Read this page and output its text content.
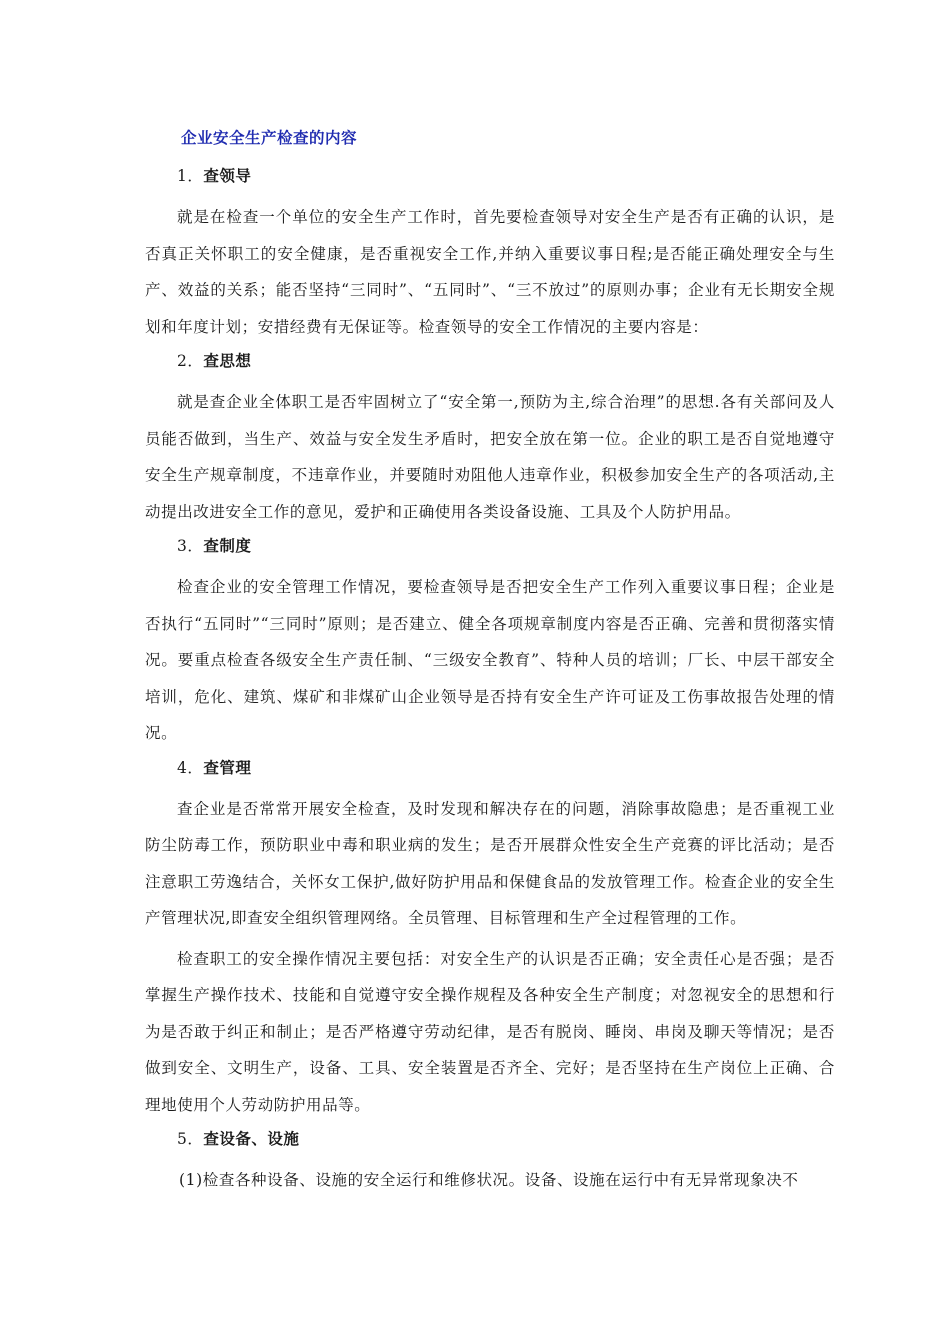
企业安全生产检查的内容
1．查领导
就是在检查一个单位的安全生产工作时，首先要检查领导对安全生产是否有正确的认识，是否真正关怀职工的安全健康，是否重视安全工作,并纳入重要议事日程;是否能正确处理安全与生产、效益的关系；能否坚持“三同时”、“五同时”、“三不放过”的原则办事；企业有无长期安全规划和年度计划；安措经费有无保证等。检查领导的安全工作情况的主要内容是：
2．查思想
就是查企业全体职工是否牢固树立了“安全第一,预防为主,综合治理”的思想.各有关部问及人员能否做到，当生产、效益与安全发生矛盾时，把安全放在第一位。企业的职工是否自觉地遵守安全生产规章制度，不违章作业，并要随时劝阻他人违章作业，积极参加安全生产的各项活动,主动提出改进安全工作的意见，爱护和正确使用各类设备设施、工具及个人防护用品。
3．查制度
检查企业的安全管理工作情况，要检查领导是否把安全生产工作列入重要议事日程；企业是否执行“五同时”“三同时”原则；是否建立、健全各项规章制度内容是否正确、完善和贯彻落实情况。要重点检查各级安全生产责任制、“三级安全教育”、特种人员的培训；厂长、中层干部安全培训，危化、建筑、煤矿和非煤矿山企业领导是否持有安全生产许可证及工伤事故报告处理的情况。
4．查管理
查企业是否常常开展安全检查，及时发现和解决存在的问题，消除事故隐患；是否重视工业防尘防毒工作，预防职业中毒和职业病的发生；是否开展群众性安全生产竞赛的评比活动；是否注意职工劳逸结合，关怀女工保护,做好防护用品和保健食品的发放管理工作。检查企业的安全生产管理状况,即查安全组织管理网络。全员管理、目标管理和生产全过程管理的工作。
检查职工的安全操作情况主要包括：对安全生产的认识是否正确；安全责任心是否强；是否掌握生产操作技术、技能和自觉遵守安全操作规程及各种安全生产制度；对忽视安全的思想和行为是否敢于纠正和制止；是否严格遵守劳动纪律，是否有脱岗、睡岗、串岗及聊天等情况；是否做到安全、文明生产，设备、工具、安全装置是否齐全、完好；是否坚持在生产岗位上正确、合理地使用个人劳动防护用品等。
5．查设备、设施
(1)检查各种设备、设施的安全运行和维修状况。设备、设施在运行中有无异常现象决不
